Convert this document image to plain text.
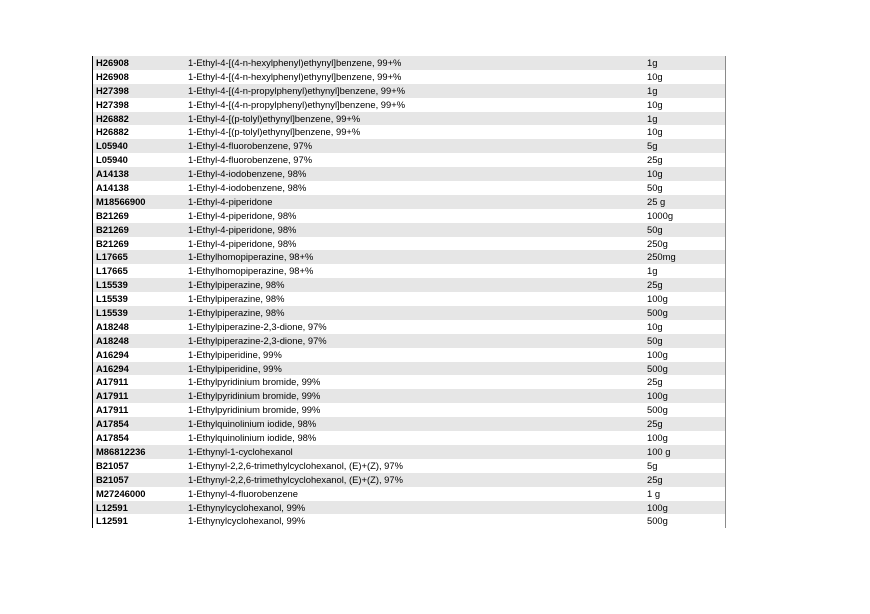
H26908	1-Ethyl-4-[(4-n-hexylphenyl)ethynyl]benzene, 99+%	1g
H26908	1-Ethyl-4-[(4-n-hexylphenyl)ethynyl]benzene, 99+%	10g
H27398	1-Ethyl-4-[(4-n-propylphenyl)ethynyl]benzene, 99+%	1g
H27398	1-Ethyl-4-[(4-n-propylphenyl)ethynyl]benzene, 99+%	10g
H26882	1-Ethyl-4-[(p-tolyl)ethynyl]benzene, 99+%	1g
H26882	1-Ethyl-4-[(p-tolyl)ethynyl]benzene, 99+%	10g
L05940	1-Ethyl-4-fluorobenzene, 97%	5g
L05940	1-Ethyl-4-fluorobenzene, 97%	25g
A14138	1-Ethyl-4-iodobenzene, 98%	10g
A14138	1-Ethyl-4-iodobenzene, 98%	50g
M18566900	1-Ethyl-4-piperidone	25 g
B21269	1-Ethyl-4-piperidone, 98%	1000g
B21269	1-Ethyl-4-piperidone, 98%	50g
B21269	1-Ethyl-4-piperidone, 98%	250g
L17665	1-Ethylhomopiperazine, 98+%	250mg
L17665	1-Ethylhomopiperazine, 98+%	1g
L15539	1-Ethylpiperazine, 98%	25g
L15539	1-Ethylpiperazine, 98%	100g
L15539	1-Ethylpiperazine, 98%	500g
A18248	1-Ethylpiperazine-2,3-dione, 97%	10g
A18248	1-Ethylpiperazine-2,3-dione, 97%	50g
A16294	1-Ethylpiperidine, 99%	100g
A16294	1-Ethylpiperidine, 99%	500g
A17911	1-Ethylpyridinium bromide, 99%	25g
A17911	1-Ethylpyridinium bromide, 99%	100g
A17911	1-Ethylpyridinium bromide, 99%	500g
A17854	1-Ethylquinolinium iodide, 98%	25g
A17854	1-Ethylquinolinium iodide, 98%	100g
M86812236	1-Ethynyl-1-cyclohexanol	100 g
B21057	1-Ethynyl-2,2,6-trimethylcyclohexanol, (E)+(Z), 97%	5g
B21057	1-Ethynyl-2,2,6-trimethylcyclohexanol, (E)+(Z), 97%	25g
M27246000	1-Ethynyl-4-fluorobenzene	1 g
L12591	1-Ethynylcyclohexanol, 99%	100g
L12591	1-Ethynylcyclohexanol, 99%	500g
